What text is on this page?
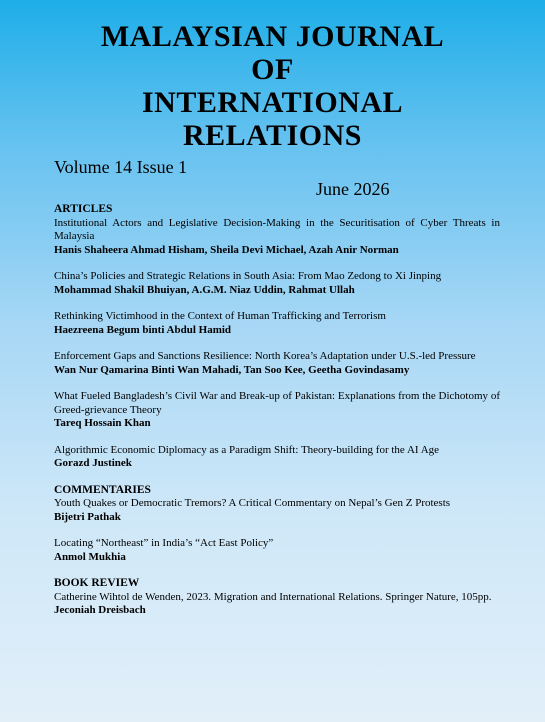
MALAYSIAN JOURNAL
OF
INTERNATIONAL
RELATIONS
Volume 14 Issue 1
June 2026
ARTICLES
Institutional Actors and Legislative Decision-Making in the Securitisation of Cyber Threats in Malaysia
Hanis Shaheera Ahmad Hisham, Sheila Devi Michael, Azah Anir Norman
China’s Policies and Strategic Relations in South Asia: From Mao Zedong to Xi Jinping
Mohammad Shakil Bhuiyan, A.G.M. Niaz Uddin, Rahmat Ullah
Rethinking Victimhood in the Context of Human Trafficking and Terrorism
Haezreena Begum binti Abdul Hamid
Enforcement Gaps and Sanctions Resilience: North Korea’s Adaptation under U.S.-led Pressure
Wan Nur Qamarina Binti Wan Mahadi, Tan Soo Kee, Geetha Govindasamy
What Fueled Bangladesh’s Civil War and Break-up of Pakistan: Explanations from the Dichotomy of Greed-grievance Theory
Tareq Hossain Khan
Algorithmic Economic Diplomacy as a Paradigm Shift: Theory-building for the AI Age
Gorazd Justinek
COMMENTARIES
Youth Quakes or Democratic Tremors? A Critical Commentary on Nepal’s Gen Z Protests
Bijetri Pathak
Locating “Northeast” in India’s “Act East Policy”
Anmol Mukhia
BOOK REVIEW
Catherine Wihtol de Wenden, 2023. Migration and International Relations. Springer Nature, 105pp.
Jeconiah Dreisbach
